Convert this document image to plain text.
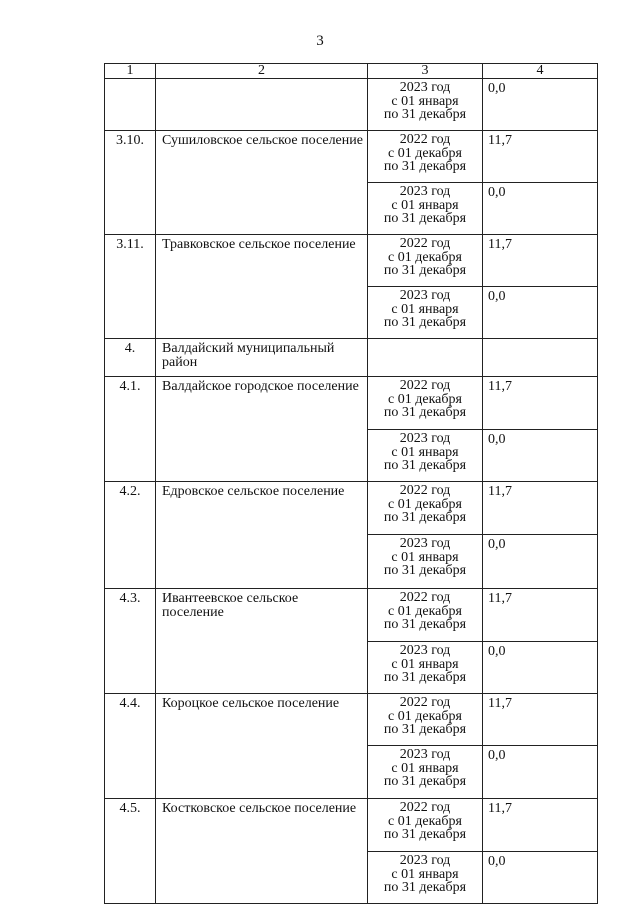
3
1	2	3	4

		2023 год
с 01 января
по 31 декабря	0,0
3.10.	Сушиловское сельское поселение	2022 год
с 01 декабря
по 31 декабря	11,7

		2023 год
с 01 января
по 31 декабря	0,0
3.11.	Травковское сельское поселение	2022 год
с 01 декабря
по 31 декабря	11,7

		2023 год
с 01 января
по 31 декабря	0,0
4.	Валдайский муниципальный район		
4.1.	Валдайское городское поселение	2022 год
с 01 декабря
по 31 декабря	11,7

		2023 год
с 01 января
по 31 декабря	0,0
4.2.	Едровское сельское поселение	2022 год
с 01 декабря
по 31 декабря	11,7

		2023 год
с 01 января
по 31 декабря	0,0
4.3.	Ивантеевское сельское поселение	2022 год
с 01 декабря
по 31 декабря	11,7

		2023 год
с 01 января
по 31 декабря	0,0
4.4.	Короцкое сельское поселение	2022 год
с 01 декабря
по 31 декабря	11,7

		2023 год
с 01 января
по 31 декабря	0,0
4.5.	Костковское сельское поселение	2022 год
с 01 декабря
по 31 декабря	11,7

		2023 год
с 01 января
по 31 декабря	0,0
